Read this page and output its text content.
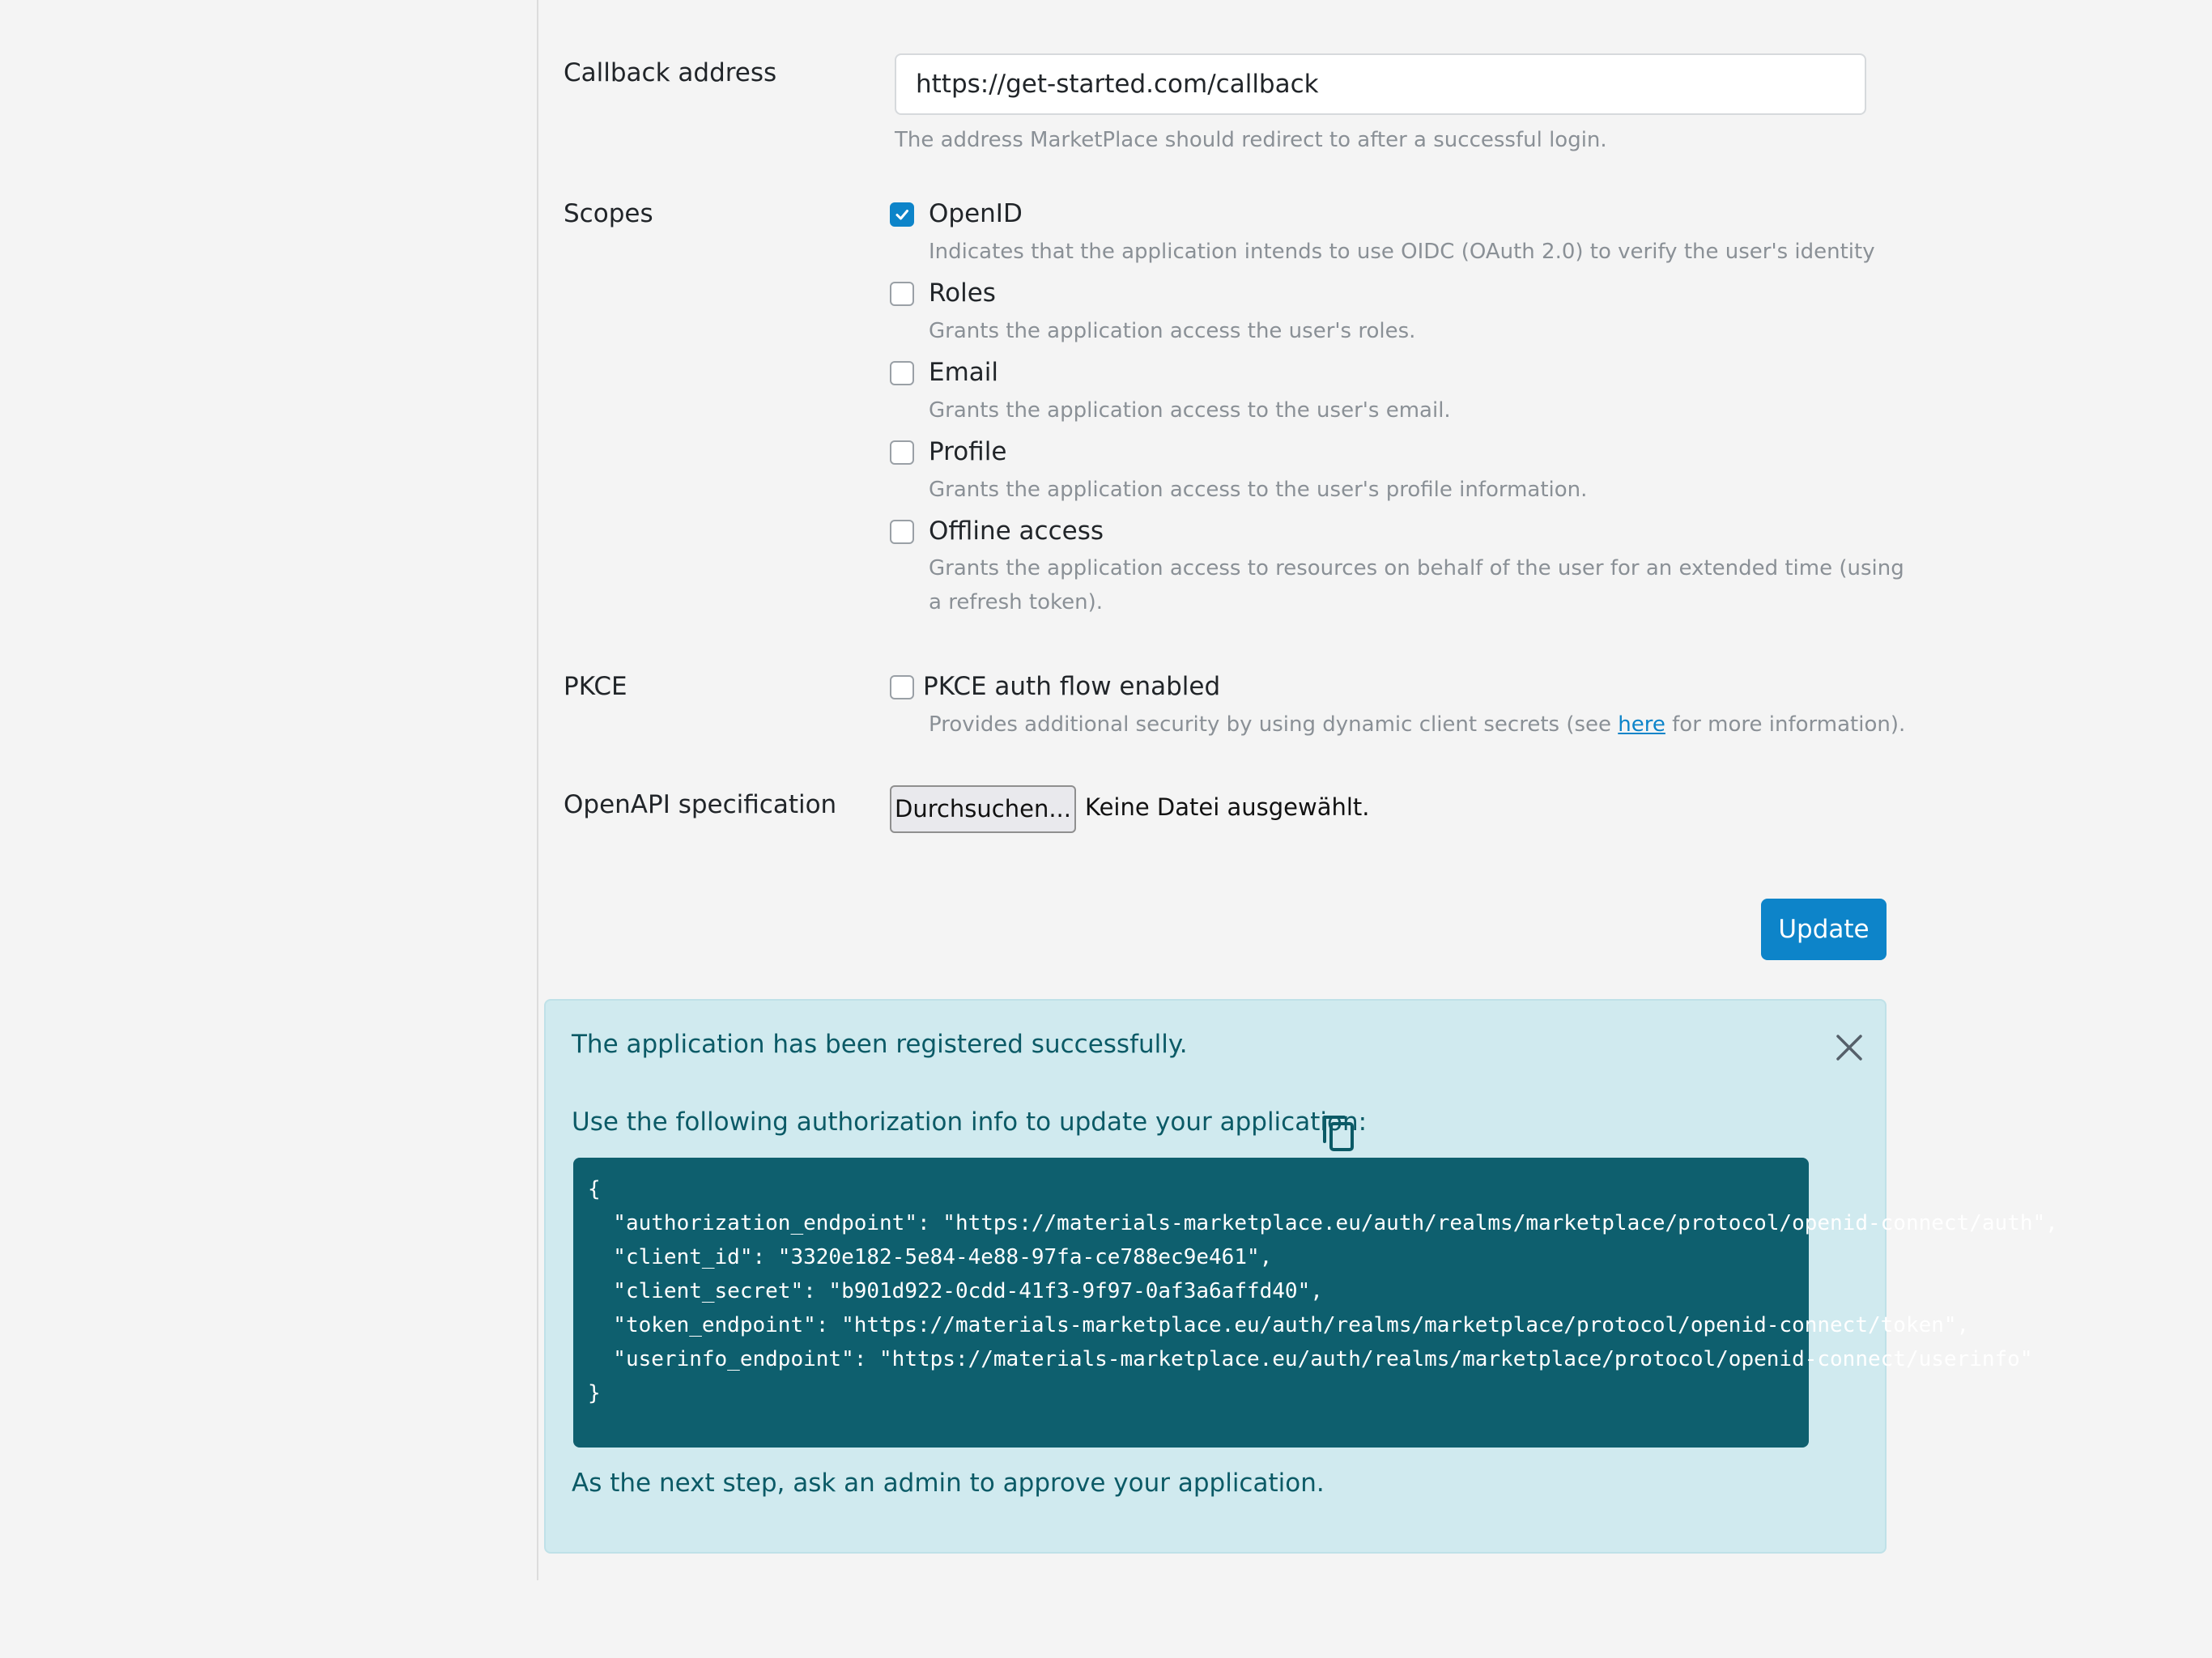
Callback address	https://get-started.com/callback
The address MarketPlace should redirect to after a successful login.
Scopes	OpenID
Indicates that the application intends to use OIDC (OAuth 2.0) to verify the user's identity
Roles
Grants the application access the user's roles.
Email
Grants the application access to the user's email.
Profile
Grants the application access to the user's profile information.
Offline access
Grants the application access to resources on behalf of the user for an extended time (using
a refresh token).
PKCE	PKCE auth flow enabled
Provides additional security by using dynamic client secrets (see here for more information).
OpenAPI specification Durchsuchen... Keine Datei ausgewählt.
Update
The application has been registered successfully.
Use the following authorization info to update your application:
{
"authorization_endpoint": "https://materials-marketplace.eu/auth/realms/marketplace/protocol/openid-connect/auth",
"client_id": "3320e182-5e84-4e88-97fa-ce788ec9e461",
"client_secret": "b901d922-0cdd-41f3-9f97-0af3a6affd40",
"token_endpoint": "https://materials-marketplace.eu/auth/realms/marketplace/protocol/openid-connect/token",
"userinfo_endpoint": "https://materials-marketplace.eu/auth/realms/marketplace/protocol/openid-connect/userinfo"
}
As the next step, ask an admin to approve your application.
